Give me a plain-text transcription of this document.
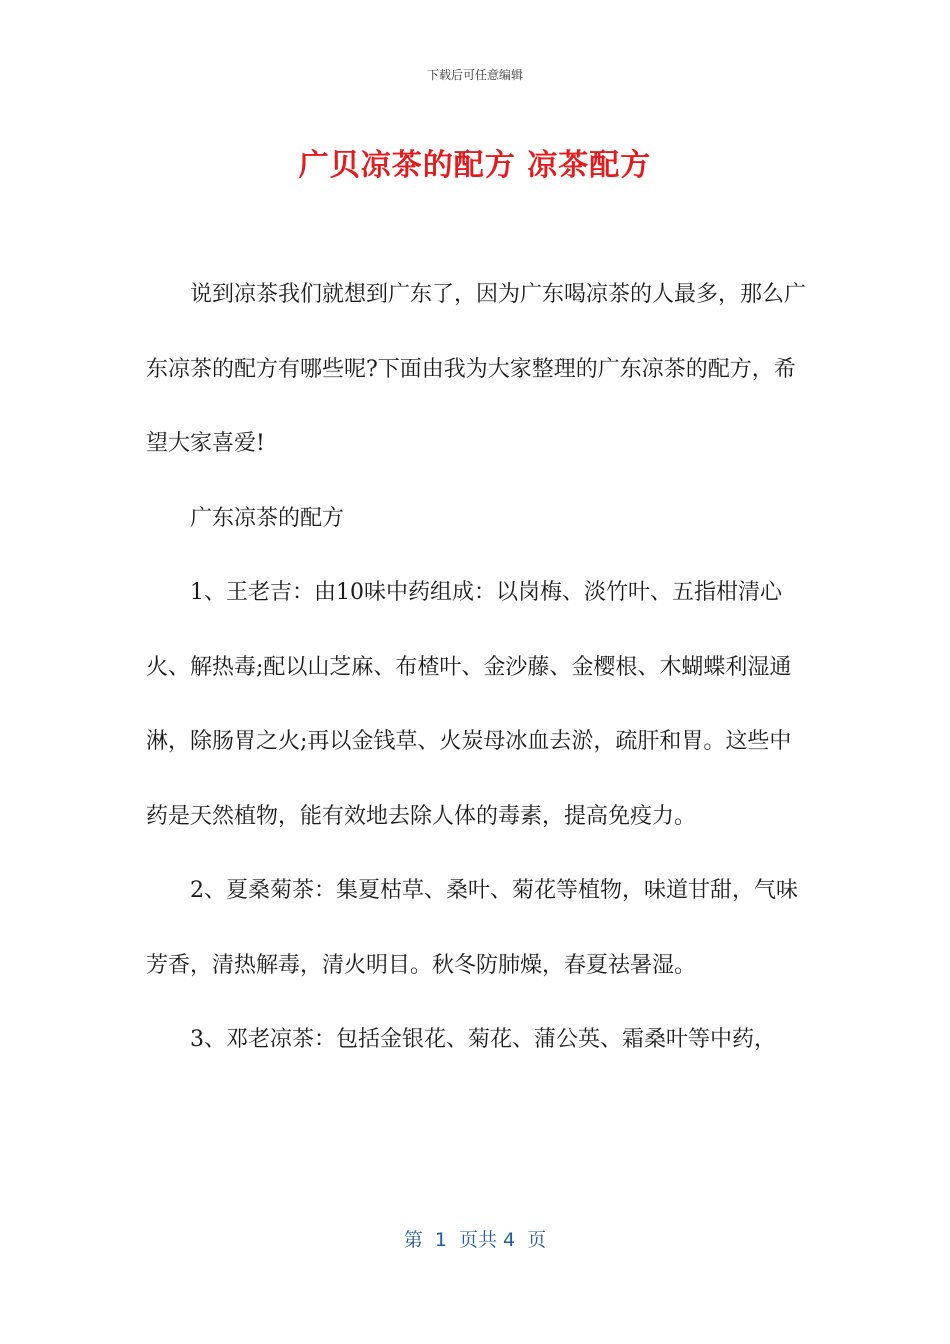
下载后可任意编辑
广贝凉茶的配方 凉茶配方

说到凉茶我们就想到广东了，因为广东喝凉茶的人最多，那么广东凉茶的配方有哪些呢?下面由我为大家整理的广东凉茶的配方，希望大家喜爱!

广东凉茶的配方

1、王老吉：由10味中药组成：以岗梅、淡竹叶、五指柑清心火、解热毒;配以山芝麻、布楂叶、金沙藤、金樱根、木蝴蝶利湿通淋，除肠胃之火;再以金钱草、火炭母冰血去淤，疏肝和胃。这些中药是天然植物，能有效地去除人体的毒素，提高免疫力。

2、夏桑菊茶：集夏枯草、桑叶、菊花等植物，味道甘甜，气味芳香，清热解毒，清火明目。秋冬防肺燥，春夏祛暑湿。

3、邓老凉茶：包括金银花、菊花、蒲公英、霜桑叶等中药，

第  1  页共 4  页
